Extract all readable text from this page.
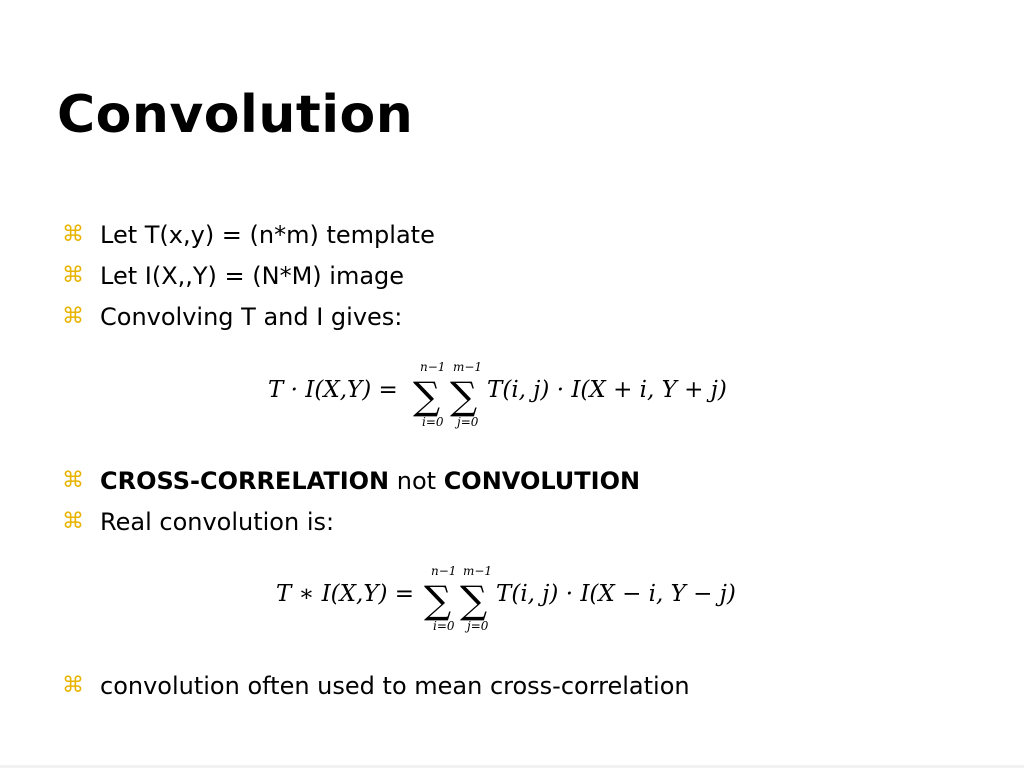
Convolution
⌘ Let T(x,y) = (n*m) template
⌘ Let I(X,,Y) = (N*M) image
⌘ Convolving T and I gives:
T · I(X,Y) =
n−1
∑
i=0
m−1
∑
j=0
T(i, j) · I(X + i, Y + j)
T ∗ I(X,Y) =
n−1
∑
i=0
m−1
∑
j=0
T(i, j) · I(X − i, Y − j)
⌘ CROSS-CORRELATION not CONVOLUTION
⌘ Real convolution is:
⌘ convolution often used to mean cross-correlation
